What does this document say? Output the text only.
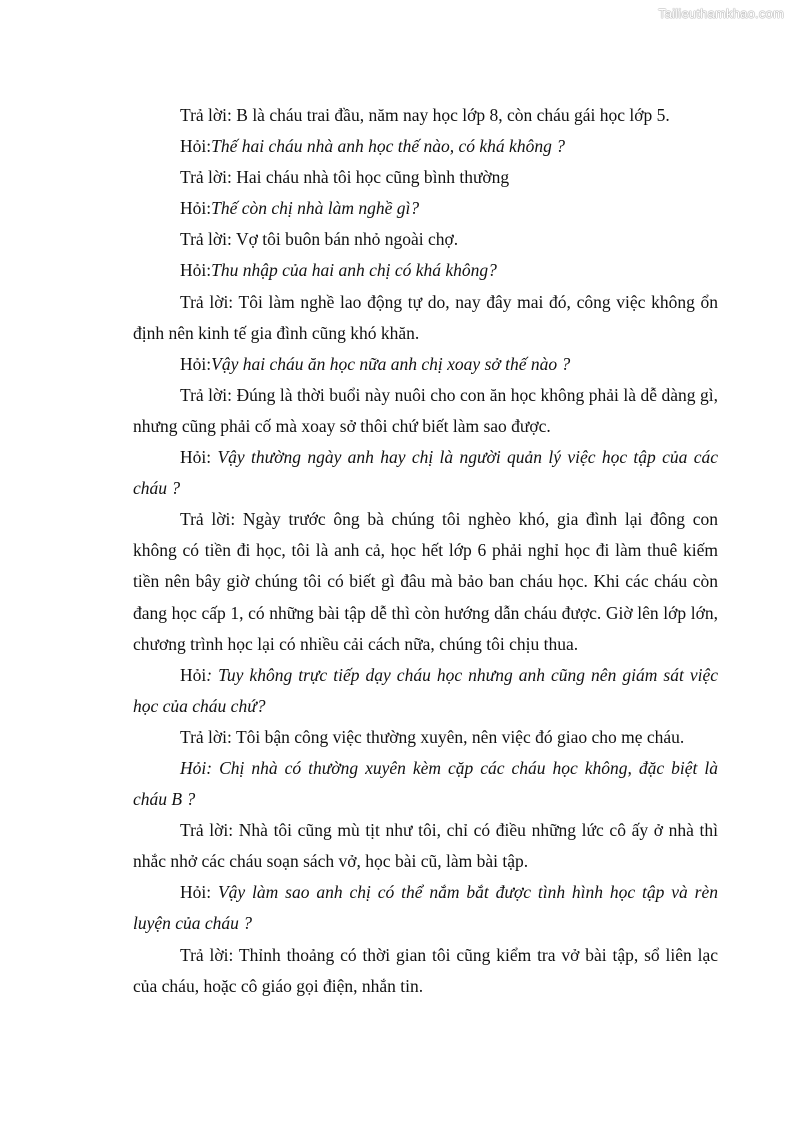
Tailieuthamkhao.com

Trả lời: B là cháu trai đầu, năm nay học lớp 8, còn cháu gái học lớp 5.

Hỏi:Thế hai cháu nhà anh học thế nào, có khá không ?

Trả lời: Hai cháu nhà tôi học cũng bình thường

Hỏi:Thế còn chị nhà làm nghề gì?

Trả lời: Vợ tôi buôn bán nhỏ ngoài chợ.

Hỏi:Thu nhập của hai anh chị có khá không?

Trả lời: Tôi làm nghề lao động tự do, nay đây mai đó, công việc không ổn định nên kinh tế gia đình cũng khó khăn.

Hỏi:Vậy hai cháu ăn học nữa anh chị xoay sở thế nào ?

Trả lời: Đúng là thời buổi này nuôi cho con ăn học không phải là dễ dàng gì, nhưng cũng phải cố mà xoay sở thôi chứ biết làm sao được.

Hỏi: Vậy thường ngày anh hay chị là người quản lý việc học tập của các cháu ?

Trả lời: Ngày trước ông bà chúng tôi nghèo khó, gia đình lại đông con không có tiền đi học, tôi là anh cả, học hết lớp 6 phải nghỉ học đi làm thuê kiếm tiền nên bây giờ chúng tôi có biết gì đâu mà bảo ban cháu học. Khi các cháu còn đang học cấp 1, có những bài tập dễ thì còn hướng dẫn cháu được. Giờ lên lớp lớn, chương trình học lại có nhiều cải cách nữa, chúng tôi chịu thua.

Hỏi: Tuy không trực tiếp dạy cháu học nhưng anh cũng nên giám sát việc học của cháu chứ?

Trả lời: Tôi bận công việc thường xuyên, nên việc đó giao cho mẹ cháu.

Hỏi: Chị nhà có thường xuyên kèm cặp các cháu học không, đặc biệt là cháu B ?

Trả lời: Nhà tôi cũng mù tịt như tôi, chỉ có điều những lức cô ấy ở nhà thì nhắc nhở các cháu soạn sách vở, học bài cũ, làm bài tập.

Hỏi: Vậy làm sao anh chị có thể nắm bắt được tình hình học tập và rèn luyện của cháu ?

Trả lời: Thỉnh thoảng có thời gian tôi cũng kiểm tra vở bài tập, sổ liên lạc của cháu, hoặc cô giáo gọi điện, nhắn tin.
